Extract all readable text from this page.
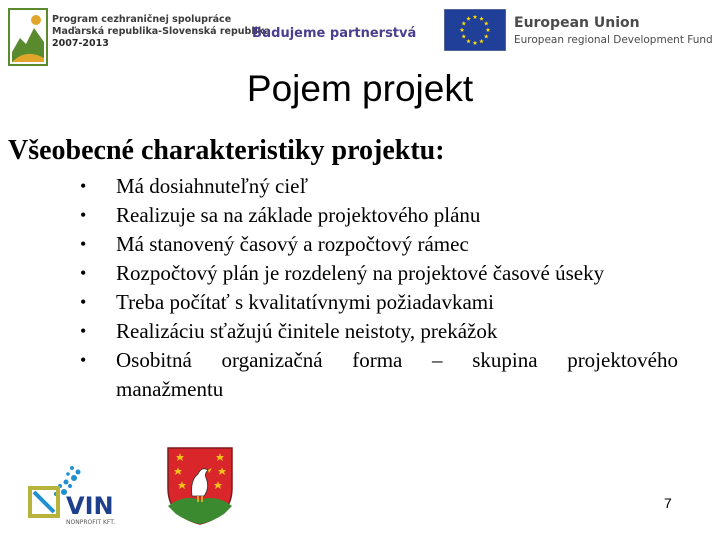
Program cezhraničnej spolupráce
Maďarská republika-Slovenská republika
2007-2013
Budujeme partnerstvá
European Union
European regional Development Fund
Pojem projekt
Všeobecné charakteristiky projektu:
• Má dosiahnuteľný cieľ
• Realizuje sa na základe projektového plánu
• Má stanovený časový a rozpočtový rámec
• Rozpočtový plán je rozdelený na projektové časové úseky
• Treba počítať s kvalitatívnymi požiadavkami
• Realizáciu sťažujú činitele neistoty, prekážok
• Osobitná organizačná forma – skupina projektového
manažmentu
VIN
NONPROFIT KFT.
7
